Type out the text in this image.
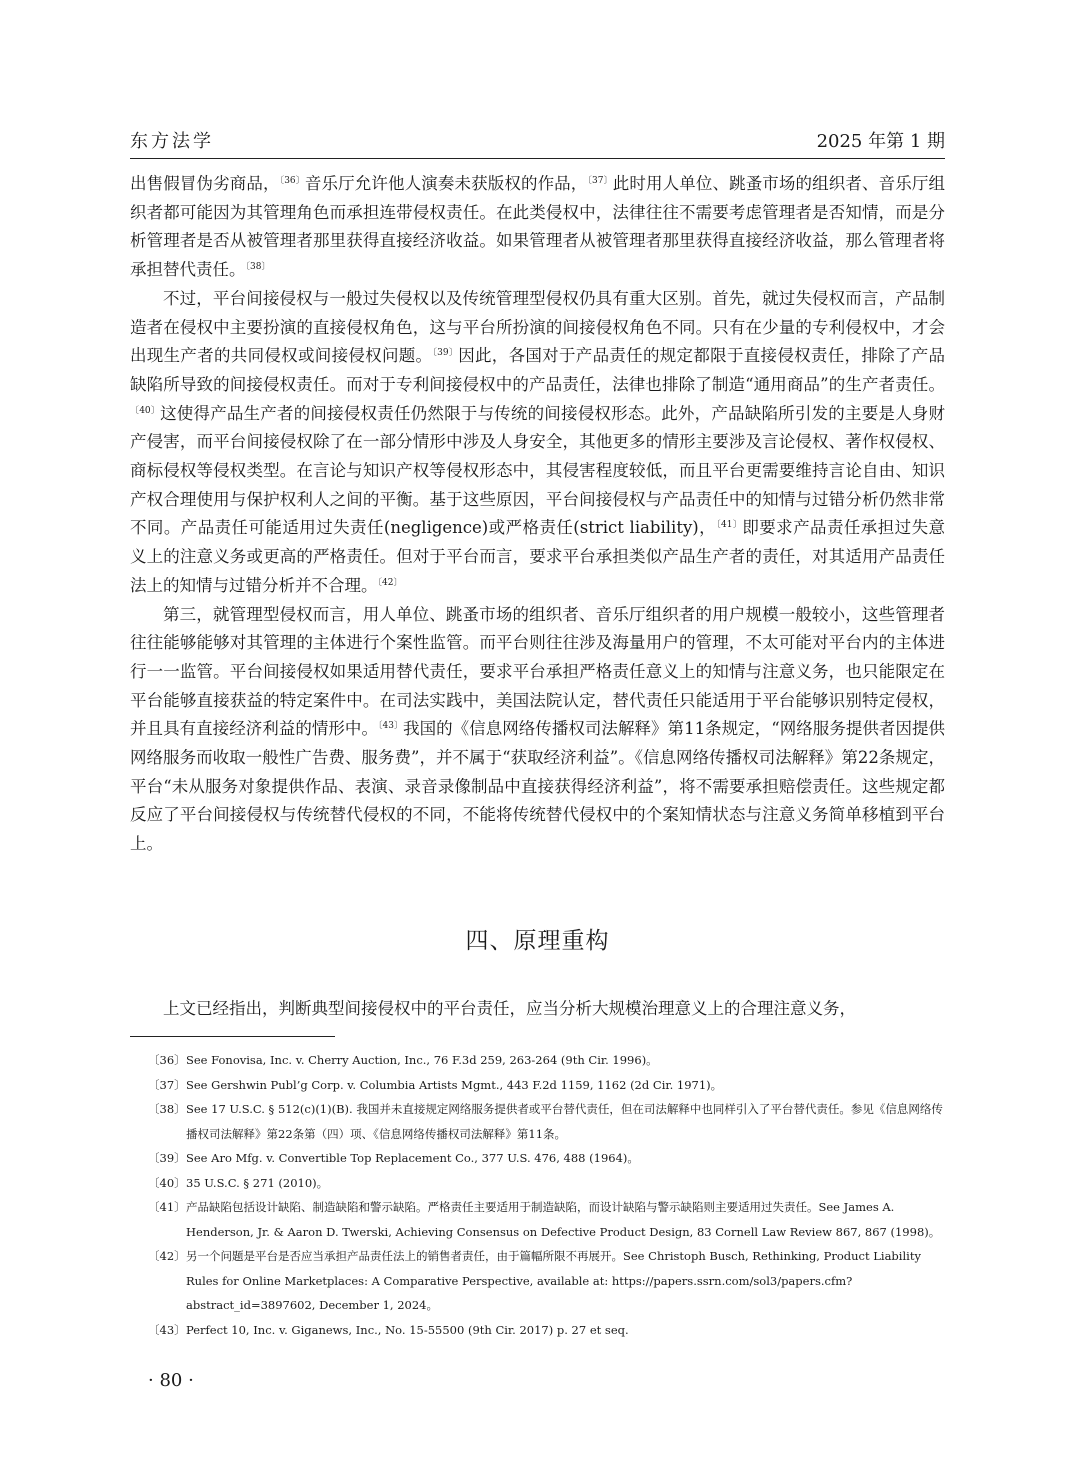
东方法学	2025 年第 1 期

出售假冒伪劣商品，$^{〔36〕}$音乐厅允许他人演奏未获版权的作品，$^{〔37〕}$此时用人单位、跳蚤市场的组织者、音乐厅组织者都可能因为其管理角色而承担连带侵权责任。在此类侵权中，法律往往不需要考虑管理者是否知情，而是分析管理者是否从被管理者那里获得直接经济收益。如果管理者从被管理者那里获得直接经济收益，那么管理者将承担替代责任。$^{〔38〕}$

不过，平台间接侵权与一般过失侵权以及传统管理型侵权仍具有重大区别。首先，就过失侵权而言，产品制造者在侵权中主要扮演的直接侵权角色，这与平台所扮演的间接侵权角色不同。只有在少量的专利侵权中，才会出现生产者的共同侵权或间接侵权问题。$^{〔39〕}$因此，各国对于产品责任的规定都限于直接侵权责任，排除了产品缺陷所导致的间接侵权责任。而对于专利间接侵权中的产品责任，法律也排除了制造“通用商品”的生产者责任。$^{〔40〕}$这使得产品生产者的间接侵权责任仍然限于与传统的间接侵权形态。此外，产品缺陷所引发的主要是人身财产侵害，而平台间接侵权除了在一部分情形中涉及人身安全，其他更多的情形主要涉及言论侵权、著作权侵权、商标侵权等侵权类型。在言论与知识产权等侵权形态中，其侵害程度较低，而且平台更需要维持言论自由、知识产权合理使用与保护权利人之间的平衡。基于这些原因，平台间接侵权与产品责任中的知情与过错分析仍然非常不同。产品责任可能适用过失责任(negligence)或严格责任(strict liability)，$^{〔41〕}$即要求产品责任承担过失意义上的注意义务或更高的严格责任。但对于平台而言，要求平台承担类似产品生产者的责任，对其适用产品责任法上的知情与过错分析并不合理。$^{〔42〕}$

第三，就管理型侵权而言，用人单位、跳蚤市场的组织者、音乐厅组织者的用户规模一般较小，这些管理者往往能够能够对其管理的主体进行个案性监管。而平台则往往涉及海量用户的管理，不太可能对平台内的主体进行一一监管。平台间接侵权如果适用替代责任，要求平台承担严格责任意义上的知情与注意义务，也只能限定在平台能够直接获益的特定案件中。在司法实践中，美国法院认定，替代责任只能适用于平台能够识别特定侵权，并且具有直接经济利益的情形中。$^{〔43〕}$我国的《信息网络传播权司法解释》第11条规定，“网络服务提供者因提供网络服务而收取一般性广告费、服务费”，并不属于“获取经济利益”。《信息网络传播权司法解释》第22条规定，平台“未从服务对象提供作品、表演、录音录像制品中直接获得经济利益”，将不需要承担赔偿责任。这些规定都反应了平台间接侵权与传统替代侵权的不同，不能将传统替代侵权中的个案知情状态与注意义务简单移植到平台上。

四、原理重构

上文已经指出，判断典型间接侵权中的平台责任，应当分析大规模治理意义上的合理注意义务，

〔36〕 See Fonovisa, Inc. v. Cherry Auction, Inc., 76 F.3d 259, 263-264 (9th Cir. 1996)。

〔37〕 See Gershwin Publ’g Corp. v. Columbia Artists Mgmt., 443 F.2d 1159, 1162 (2d Cir. 1971)。

〔38〕 See 17 U.S.C. § 512(c)(1)(B). 我国并未直接规定网络服务提供者或平台替代责任，但在司法解释中也同样引入了平台替代责任。参见《信息网络传播权司法解释》第22条第（四）项、《信息网络传播权司法解释》第11条。

〔39〕 See Aro Mfg. v. Convertible Top Replacement Co., 377 U.S. 476, 488 (1964)。

〔40〕 35 U.S.C. § 271 (2010)。

〔41〕 产品缺陷包括设计缺陷、制造缺陷和警示缺陷。严格责任主要适用于制造缺陷，而设计缺陷与警示缺陷则主要适用过失责任。See James A. Henderson, Jr. & Aaron D. Twerski, Achieving Consensus on Defective Product Design, 83 Cornell Law Review 867, 867 (1998)。

〔42〕 另一个问题是平台是否应当承担产品责任法上的销售者责任，由于篇幅所限不再展开。See Christoph Busch, Rethinking, Product Liability Rules for Online Marketplaces: A Comparative Perspective, available at: https://papers.ssrn.com/sol3/papers.cfm?abstract_id=3897602, December 1, 2024。

〔43〕 Perfect 10, Inc. v. Giganews, Inc., No. 15-55500 (9th Cir. 2017) p. 27 et seq.

· 80 ·
